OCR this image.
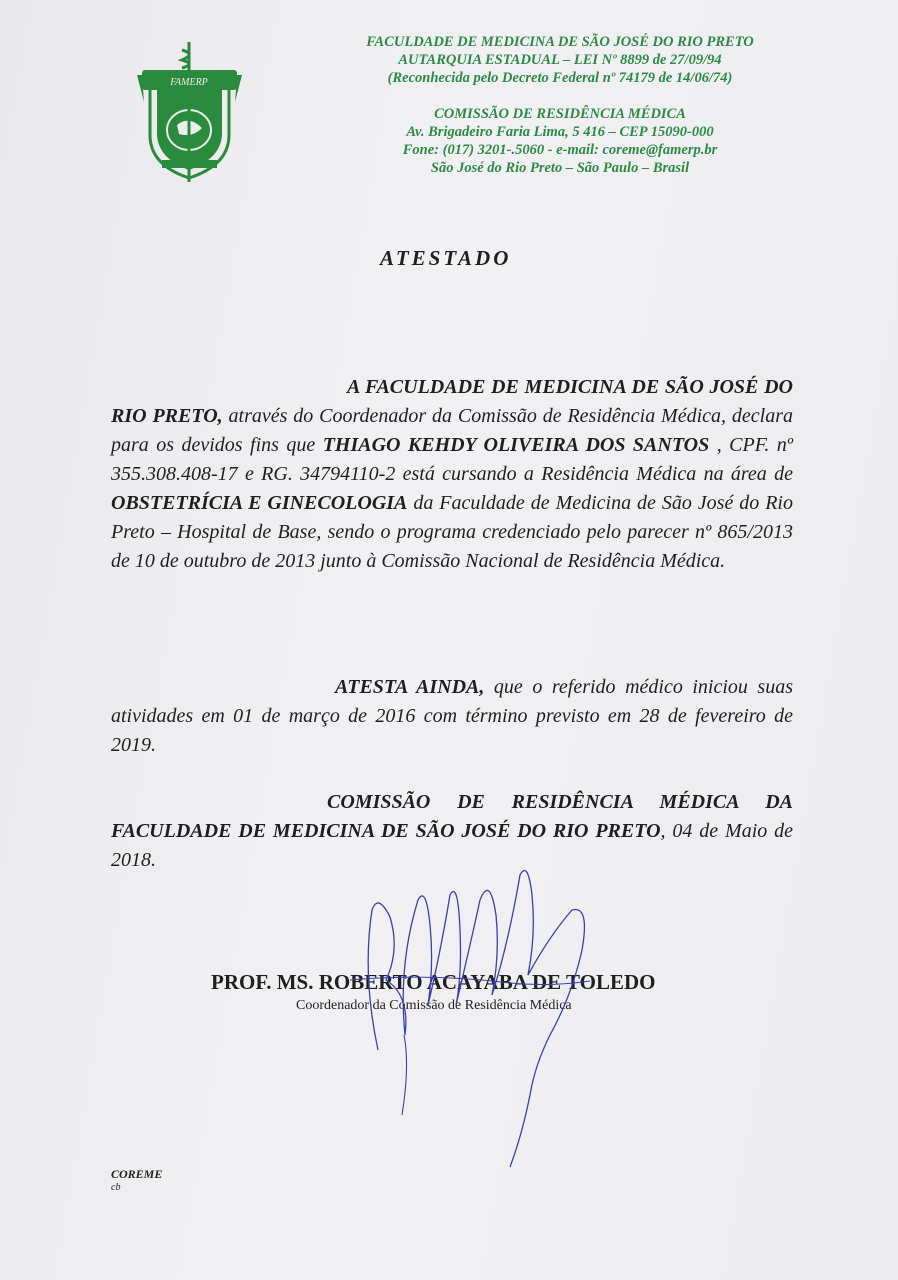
FAMERP
FACULDADE DE MEDICINA DE SÃO JOSÉ DO RIO PRETO
AUTARQUIA ESTADUAL – LEI Nº 8899 de 27/09/94
(Reconhecida pelo Decreto Federal nº 74179 de 14/06/74)
COMISSÃO DE RESIDÊNCIA MÉDICA
Av. Brigadeiro Faria Lima, 5 416 – CEP 15090-000
Fone: (017) 3201-.5060 - e-mail: coreme@famerp.br
São José do Rio Preto – São Paulo – Brasil
ATESTADO
A FACULDADE DE MEDICINA DE SÃO JOSÉ DO RIO PRETO, através do Coordenador da Comissão de Residência Médica, declara para os devidos fins que THIAGO KEHDY OLIVEIRA DOS SANTOS , CPF. nº 355.308.408-17 e RG. 34794110-2 está cursando a Residência Médica na área de OBSTETRÍCIA E GINECOLOGIA da Faculdade de Medicina de São José do Rio Preto – Hospital de Base, sendo o programa credenciado pelo parecer nº 865/2013 de 10 de outubro de 2013 junto à Comissão Nacional de Residência Médica.
ATESTA AINDA, que o referido médico iniciou suas atividades em 01 de março de 2016 com término previsto em 28 de fevereiro de 2019.
COMISSÃO DE RESIDÊNCIA MÉDICA DA FACULDADE DE MEDICINA DE SÃO JOSÉ DO RIO PRETO, 04 de Maio de 2018.
PROF. MS. ROBERTO ACAYABA DE TOLEDO
Coordenador da Comissão de Residência Médica
COREME
cb
